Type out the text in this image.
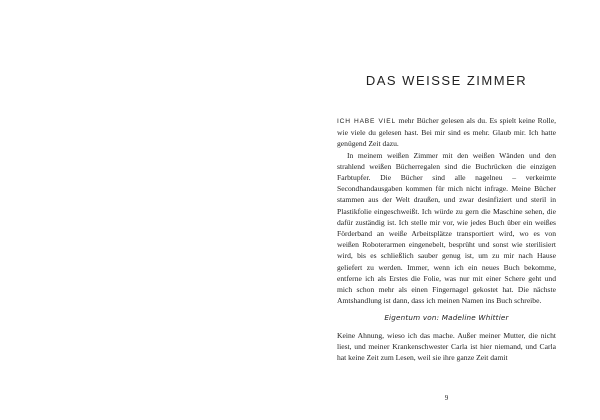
DAS WEISSE ZIMMER

ICH HABE VIEL mehr Bücher gelesen als du. Es spielt keine Rolle, wie viele du gelesen hast. Bei mir sind es mehr. Glaub mir. Ich hatte genügend Zeit dazu.

In meinem weißen Zimmer mit den weißen Wänden und den strahlend weißen Bücherregalen sind die Buchrücken die einzigen Farbtupfer. Die Bücher sind alle nagelneu – verkeimte Secondhandausgaben kommen für mich nicht infrage. Meine Bücher stammen aus der Welt draußen, und zwar desinfiziert und steril in Plastikfolie eingeschweißt. Ich würde zu gern die Maschine sehen, die dafür zuständig ist. Ich stelle mir vor, wie jedes Buch über ein weißes Förderband an weiße Arbeitsplätze transportiert wird, wo es von weißen Roboterarmen eingenebelt, besprüht und sonst wie sterilisiert wird, bis es schließlich sauber genug ist, um zu mir nach Hause geliefert zu werden. Immer, wenn ich ein neues Buch bekomme, entferne ich als Erstes die Folie, was nur mit einer Schere geht und mich schon mehr als einen Fingernagel gekostet hat. Die nächste Amtshandlung ist dann, dass ich meinen Namen ins Buch schreibe.

Eigentum von: Madeline Whittier

Keine Ahnung, wieso ich das mache. Außer meiner Mutter, die nicht liest, und meiner Krankenschwester Carla ist hier niemand, und Carla hat keine Zeit zum Lesen, weil sie ihre ganze Zeit damit

9
